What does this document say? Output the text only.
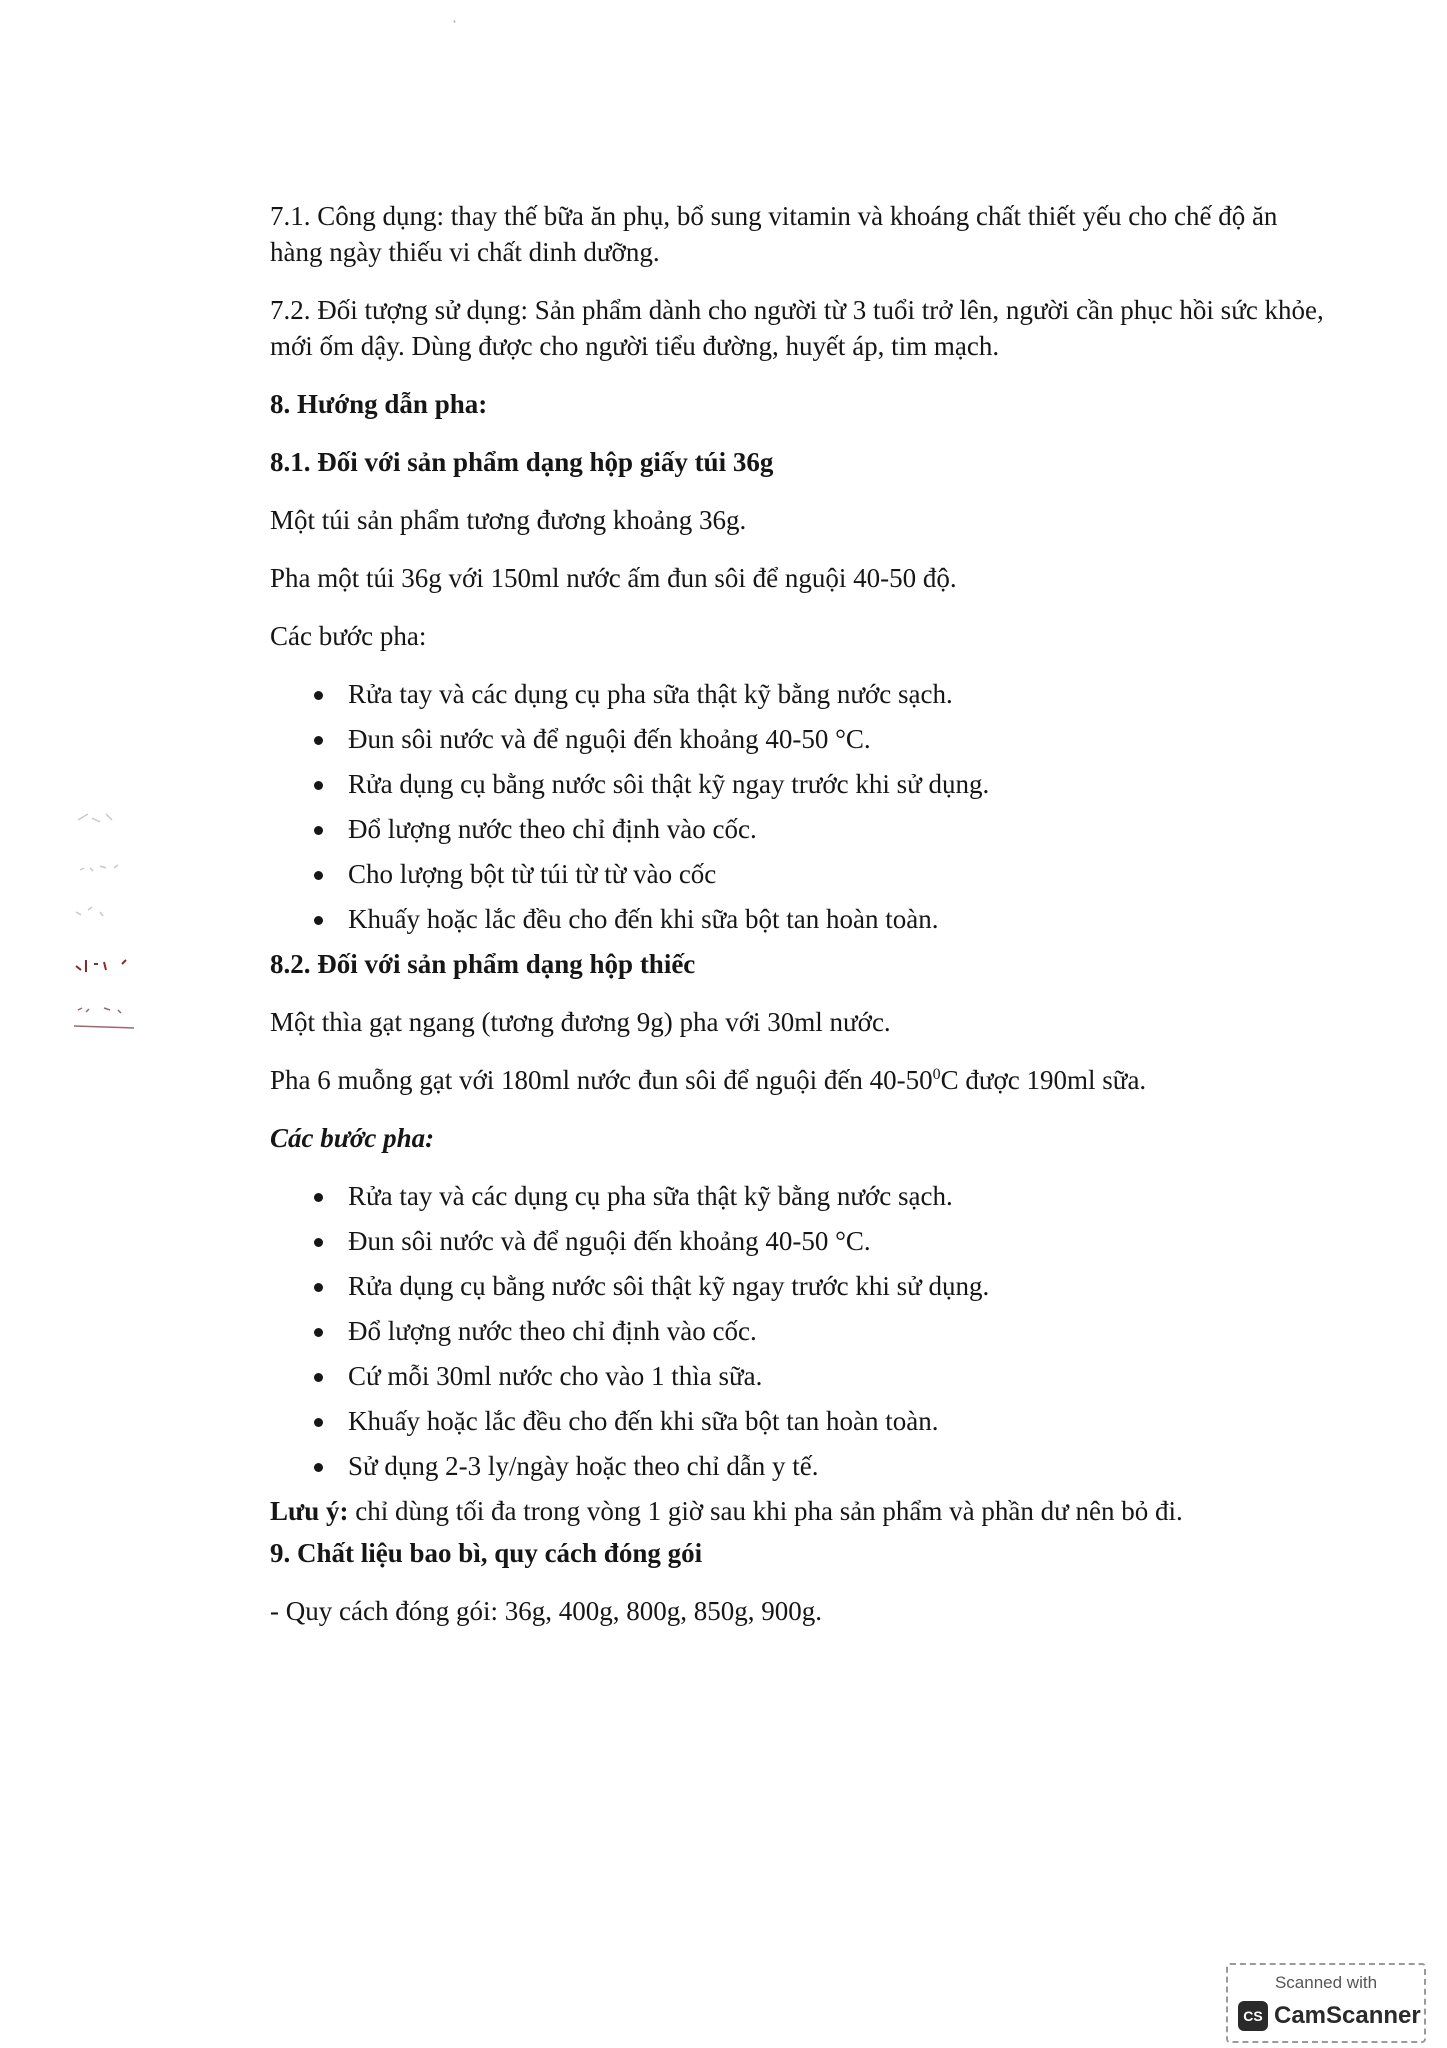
·

7.1. Công dụng: thay thế bữa ăn phụ, bổ sung vitamin và khoáng chất thiết yếu cho chế độ ăn hàng ngày thiếu vi chất dinh dưỡng.

7.2. Đối tượng sử dụng: Sản phẩm dành cho người từ 3 tuổi trở lên, người cần phục hồi sức khỏe, mới ốm dậy. Dùng được cho người tiểu đường, huyết áp, tim mạch.

8. Hướng dẫn pha:

8.1. Đối với sản phẩm dạng hộp giấy túi 36g

Một túi sản phẩm tương đương khoảng 36g.

Pha một túi 36g với 150ml nước ấm đun sôi để nguội 40-50 độ.

Các bước pha:

Rửa tay và các dụng cụ pha sữa thật kỹ bằng nước sạch.
Đun sôi nước và để nguội đến khoảng 40-50 °C.
Rửa dụng cụ bằng nước sôi thật kỹ ngay trước khi sử dụng.
Đổ lượng nước theo chỉ định vào cốc.
Cho lượng bột từ túi từ từ vào cốc
Khuấy hoặc lắc đều cho đến khi sữa bột tan hoàn toàn.

8.2. Đối với sản phẩm dạng hộp thiếc

Một thìa gạt ngang (tương đương 9g) pha với 30ml nước.

Pha 6 muỗng gạt với 180ml nước đun sôi để nguội đến $40-50^0C$ được 190ml sữa.

Các bước pha:

Rửa tay và các dụng cụ pha sữa thật kỹ bằng nước sạch.
Đun sôi nước và để nguội đến khoảng 40-50 °C.
Rửa dụng cụ bằng nước sôi thật kỹ ngay trước khi sử dụng.
Đổ lượng nước theo chỉ định vào cốc.
Cứ mỗi 30ml nước cho vào 1 thìa sữa.
Khuấy hoặc lắc đều cho đến khi sữa bột tan hoàn toàn.
Sử dụng 2-3 ly/ngày hoặc theo chỉ dẫn y tế.

Lưu ý: chỉ dùng tối đa trong vòng 1 giờ sau khi pha sản phẩm và phần dư nên bỏ đi.

9. Chất liệu bao bì, quy cách đóng gói

- Quy cách đóng gói: 36g, 400g, 800g, 850g, 900g.

Scanned with
CS CamScanner
